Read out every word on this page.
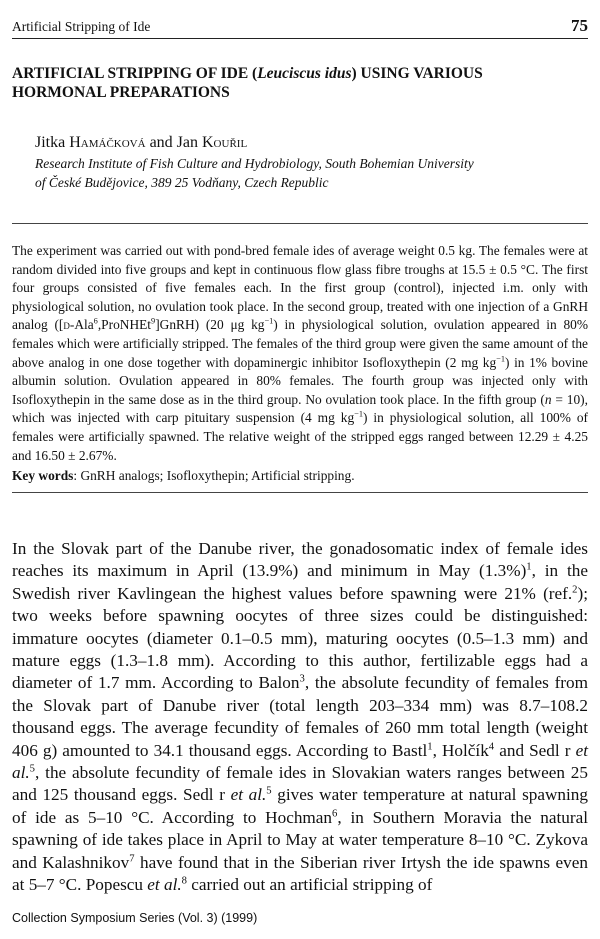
Artificial Stripping of Ide	75
ARTIFICIAL STRIPPING OF IDE (Leuciscus idus) USING VARIOUS HORMONAL PREPARATIONS
Jitka Hamáčková and Jan Kouřil
Research Institute of Fish Culture and Hydrobiology, South Bohemian University
of České Budějovice, 389 25 Vodňany, Czech Republic

The experiment was carried out with pond-bred female ides of average weight 0.5 kg. The females were at random divided into five groups and kept in continuous flow glass fibre troughs at 15.5 ± 0.5 °C. The first four groups consisted of five females each. In the first group (control), injected i.m. only with physiological solution, no ovulation took place. In the second group, treated with one injection of a GnRH analog ([d-Ala$^6$,ProNHEt$^9$]GnRH) (20 μg $kg^{-1}$) in physiological solution, ovulation appeared in 80% females which were artificially stripped. The females of the third group were given the same amount of the above analog in one dose together with dopaminergic inhibitor Isofloxythepin (2 mg $kg^{-1}$) in 1% bovine albumin solution. Ovulation appeared in 80% females. The fourth group was injected only with Isofloxythepin in the same dose as in the third group. No ovulation took place. In the fifth group (n = 10), which was injected with carp pituitary suspension (4 mg $kg^{-1}$) in physiological solution, all 100% of females were artificially spawned. The relative weight of the stripped eggs ranged between 12.29 ± 4.25 and 16.50 ± 2.67%.

Key words: GnRH analogs; Isofloxythepin; Artificial stripping.

In the Slovak part of the Danube river, the gonadosomatic index of female ides reaches its maximum in April (13.9%) and minimum in May $(1.3\%)^1$, in the Swedish river Kavlingean the highest values before spawning were 21% (ref.$^2$); two weeks before spawning oocytes of three sizes could be distinguished: immature oocytes (diameter 0.1–0.5 mm), maturing oocytes (0.5–1.3 mm) and mature eggs (1.3–1.8 mm). According to this author, fertilizable eggs had a diameter of 1.7 mm. According to Balon$^3$, the absolute fecundity of females from the Slovak part of Danube river (total length 203–334 mm) was 8.7–108.2 thousand eggs. The average fecundity of females of 260 mm total length (weight 406 g) amounted to 34.1 thousand eggs. According to Bastl$^1$, Holčík$^4$ and Sedl r et al.$^5$, the absolute fecundity of female ides in Slovakian waters ranges between 25 and 125 thousand eggs. Sedl r et al.$^5$ gives water temperature at natural spawning of ide as 5–10 °C. According to Hochman$^6$, in Southern Moravia the natural spawning of ide takes place in April to May at water temperature 8–10 °C. Zykova and Kalashnikov$^7$ have found that in the Siberian river Irtysh the ide spawns even at 5–7 °C. Popescu et al.$^8$ carried out an artificial stripping of

Collection Symposium Series (Vol. 3) (1999)
